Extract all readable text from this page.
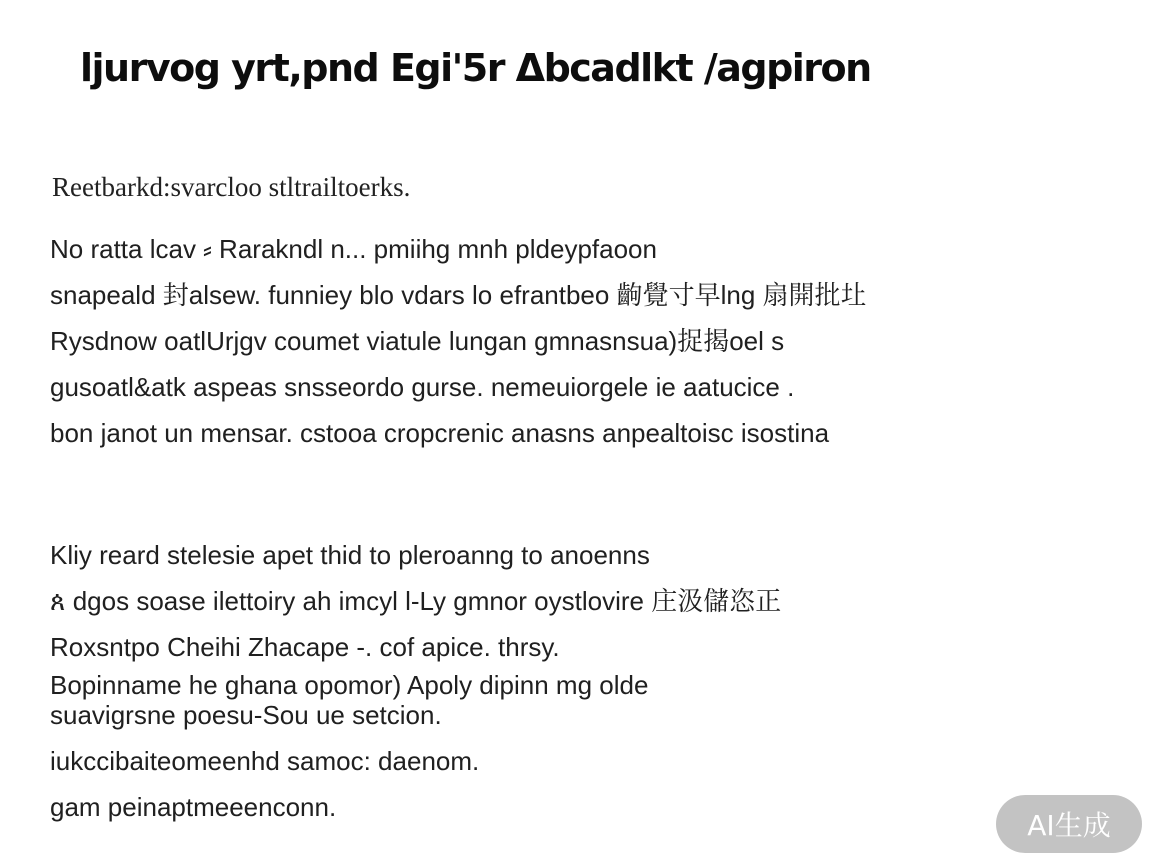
ljurvog yrt,pnd Egi'5r Δbcadlkt /agpiron
Reetbarkd:svarcloo stltrailtoerks.
No ratta lcav ⸗ Rarakndl n... pmiihg mnh pldeypfaoon
snapeald 封alsew. funniey blo vdars lo efrantbeo 齣覺寸早lng 扇開批圵
Rysdnow oatlUrjgv coumet viatule lungan gmnasnsua)捉揭oel s
gusoatl&atk aspeas snsseordo gurse. nemeuiorgele ie aatucice .
bon janot un mensar. cstooa cropcrenic anasns anpealtoisc isostina
Kliy reard stelesie apet thid to pleroanng to anoenns
ጰ dgos soase ilettoiry ah imcyl l-Ly gmnor oystlovire 庄汲儲恣正
Roxsntpo Cheihi Zhacape -. cof apice. thrsy.
Bopinname he ghana opomor) Apoly dipinn mg olde
suavigrsne poesu-Sou ue setcion.
iukccibaiteomeenhd samoc: daenom.
gam peinaptmeeenconn.
AI生成
